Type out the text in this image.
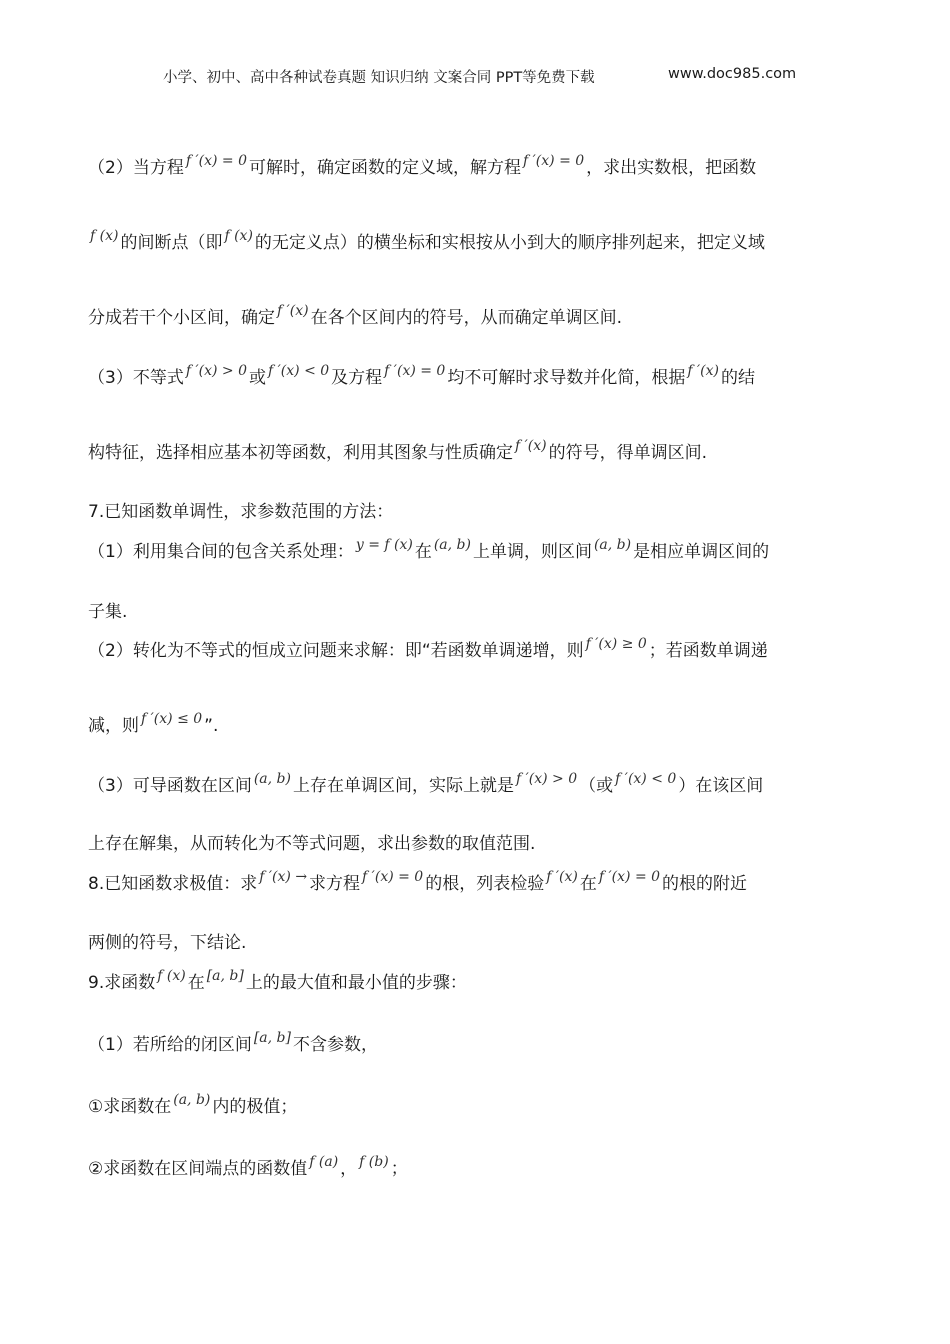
小学、初中、高中各种试卷真题 知识归纳 文案合同 PPT等免费下载	www.doc985.com
（2）当方程 $^{f '(x) = 0}$ 可解时，确定函数的定义域，解方程 $^{f '(x) = 0}$ ，求出实数根，把函数
$^{f (x)}$ 的间断点（即 $^{f (x)}$ 的无定义点）的横坐标和实根按从小到大的顺序排列起来，把定义域
分成若干个小区间，确定 $^{f '(x)}$ 在各个区间内的符号，从而确定单调区间.
（3）不等式 $^{f '(x) > 0}$ 或 $^{f '(x) < 0}$ 及方程 $^{f '(x) = 0}$ 均不可解时求导数并化简，根据 $^{f '(x)}$ 的结
构特征，选择相应基本初等函数，利用其图象与性质确定 $^{f '(x)}$ 的符号，得单调区间.
7.已知函数单调性，求参数范围的方法：
（1）利用集合间的包含关系处理： $^{y = f (x)}$ 在 $^{(a, b)}$ 上单调，则区间 $^{(a, b)}$ 是相应单调区间的
子集.
（2）转化为不等式的恒成立问题来求解：即“若函数单调递增，则 $^{f '(x) \ge 0}$ ；若函数单调递
减，则 $^{f '(x) \le 0}$ ”.
（3）可导函数在区间 $^{(a, b)}$ 上存在单调区间，实际上就是 $^{f '(x) > 0}$ （或 $^{f '(x) < 0}$ ）在该区间
上存在解集，从而转化为不等式问题，求出参数的取值范围.
8.已知函数求极值：求 $^{f '(x) \to}$ 求方程 $^{f '(x) = 0}$ 的根，列表检验 $^{f '(x)}$ 在 $^{f '(x) = 0}$ 的根的附近
两侧的符号，下结论.
9.求函数 $^{f (x)}$ 在 [a, b] 上的最大值和最小值的步骤：
（1）若所给的闭区间 [a, b] 不含参数，
①求函数在 $^{(a, b)}$ 内的极值；
②求函数在区间端点的函数值 $^{f (a)}$ ， $^{f (b)}$ ；
